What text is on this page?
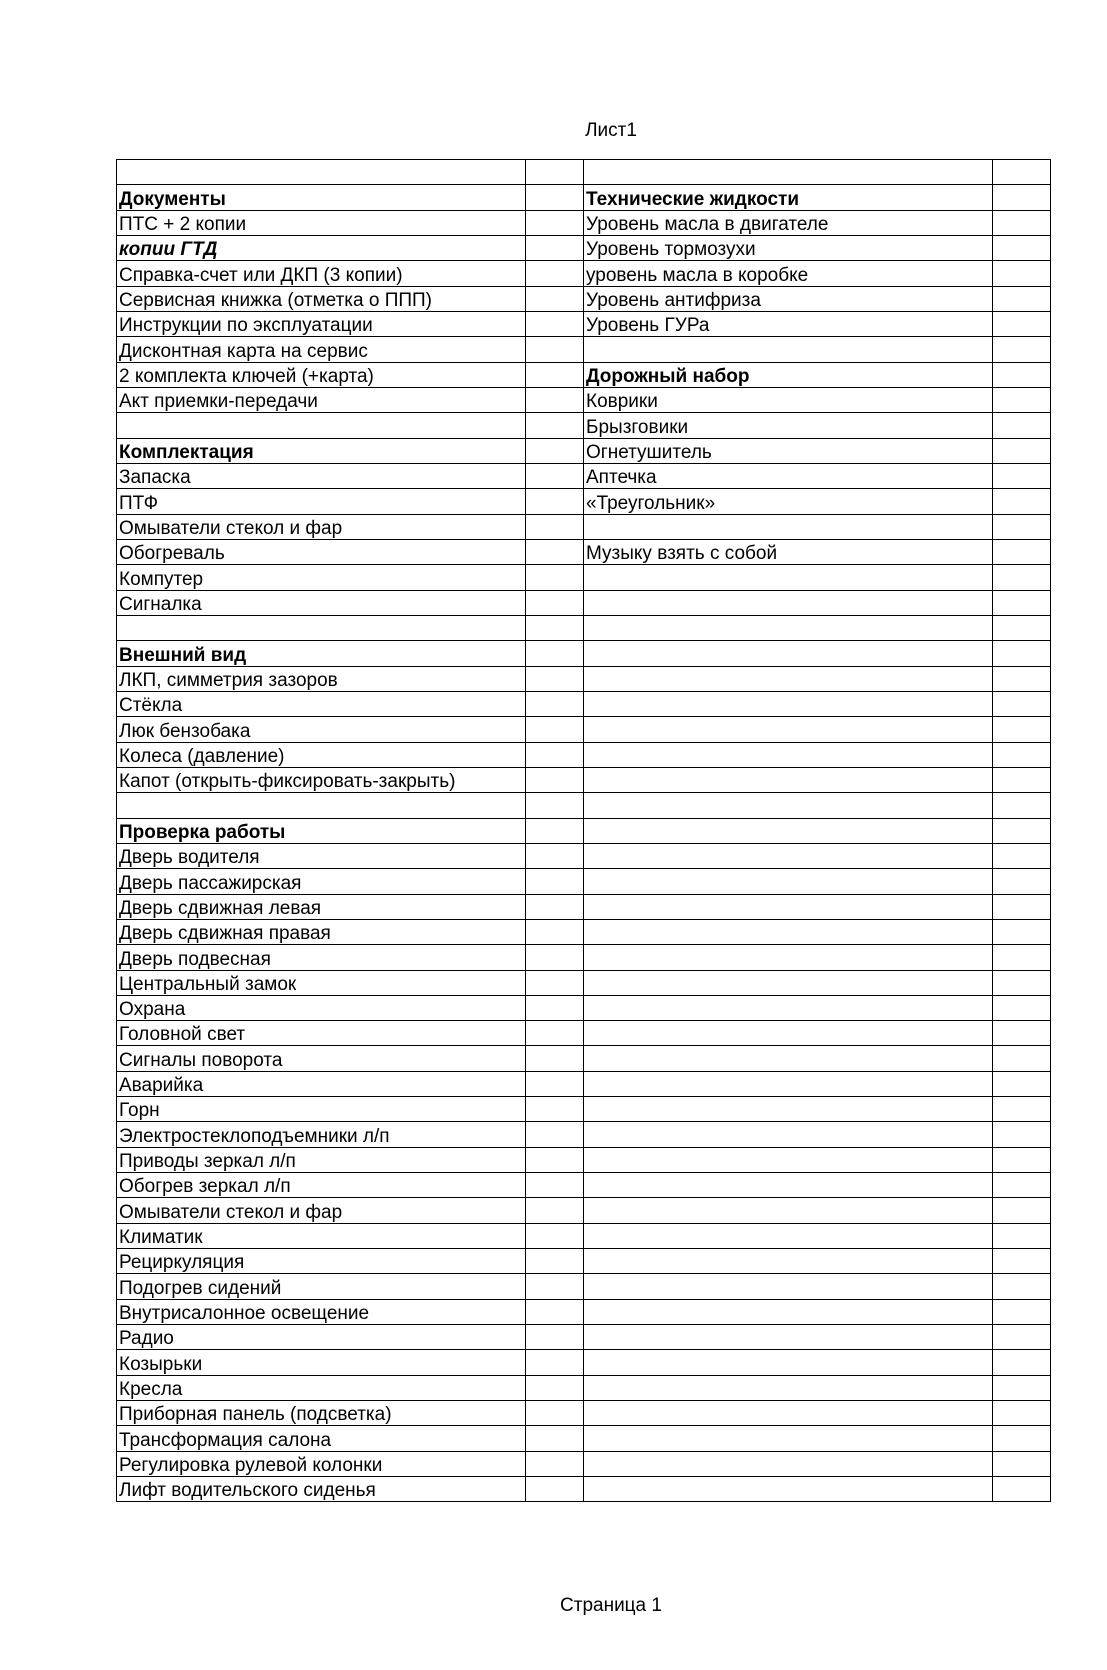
Лист1

Документы		Технические жидкости	
ПТС + 2 копии		Уровень масла в двигателе	
копии ГТД		Уровень тормозухи	
Справка-счет или ДКП (3 копии)		уровень масла в коробке	
Сервисная книжка (отметка о ППП)		Уровень антифриза	
Инструкции по эксплуатации		Уровень ГУРа	
Дисконтная карта на сервис			
2 комплекта ключей (+карта)		Дорожный набор	
Акт приемки-передачи		Коврики	
		Брызговики	
Комплектация		Огнетушитель	
Запаска		Аптечка	
ПТФ		«Треугольник»	
Омыватели стекол и фар			
Обогреваль		Музыку взять с собой	
Компутер			
Сигналка			

Внешний вид			
ЛКП, симметрия зазоров			
Стёкла			
Люк бензобака			
Колеса (давление)			
Капот (открыть-фиксировать-закрыть)			

Проверка работы			
Дверь водителя			
Дверь пассажирская			
Дверь сдвижная левая			
Дверь сдвижная правая			
Дверь подвесная			
Центральный замок			
Охрана			
Головной свет			
Сигналы поворота			
Аварийка			
Горн			
Электростеклоподъемники л/п			
Приводы зеркал л/п			
Обогрев зеркал л/п			
Омыватели стекол и фар			
Климатик			
Рециркуляция			
Подогрев сидений			
Внутрисалонное освещение			
Радио			
Козырьки			
Кресла			
Приборная панель (подсветка)			
Трансформация салона			
Регулировка рулевой колонки			
Лифт водительского сиденья			
Страница 1
